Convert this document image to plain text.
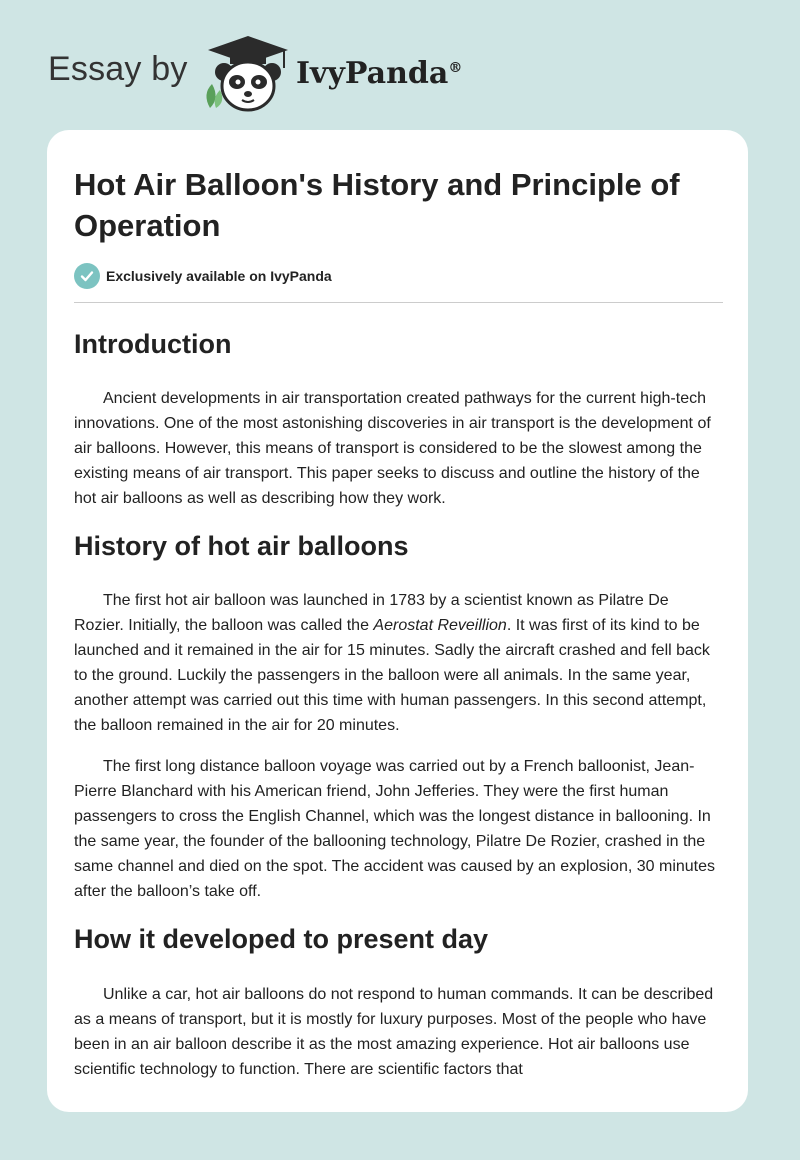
Essay by	IvyPanda®
Hot Air Balloon's History and Principle of Operation
Exclusively available on IvyPanda
Introduction

Ancient developments in air transportation created pathways for the current high-tech innovations. One of the most astonishing discoveries in air transport is the development of air balloons. However, this means of transport is considered to be the slowest among the existing means of air transport. This paper seeks to discuss and outline the history of the hot air balloons as well as describing how they work.

History of hot air balloons

The first hot air balloon was launched in 1783 by a scientist known as Pilatre De Rozier. Initially, the balloon was called the Aerostat Reveillion. It was first of its kind to be launched and it remained in the air for 15 minutes. Sadly the aircraft crashed and fell back to the ground. Luckily the passengers in the balloon were all animals. In the same year, another attempt was carried out this time with human passengers. In this second attempt, the balloon remained in the air for 20 minutes.

The first long distance balloon voyage was carried out by a French balloonist, Jean-Pierre Blanchard with his American friend, John Jefferies. They were the first human passengers to cross the English Channel, which was the longest distance in ballooning. In the same year, the founder of the ballooning technology, Pilatre De Rozier, crashed in the same channel and died on the spot. The accident was caused by an explosion, 30 minutes after the balloon’s take off.

How it developed to present day

Unlike a car, hot air balloons do not respond to human commands. It can be described as a means of transport, but it is mostly for luxury purposes. Most of the people who have been in an air balloon describe it as the most amazing experience. Hot air balloons use scientific technology to function. There are scientific factors that
